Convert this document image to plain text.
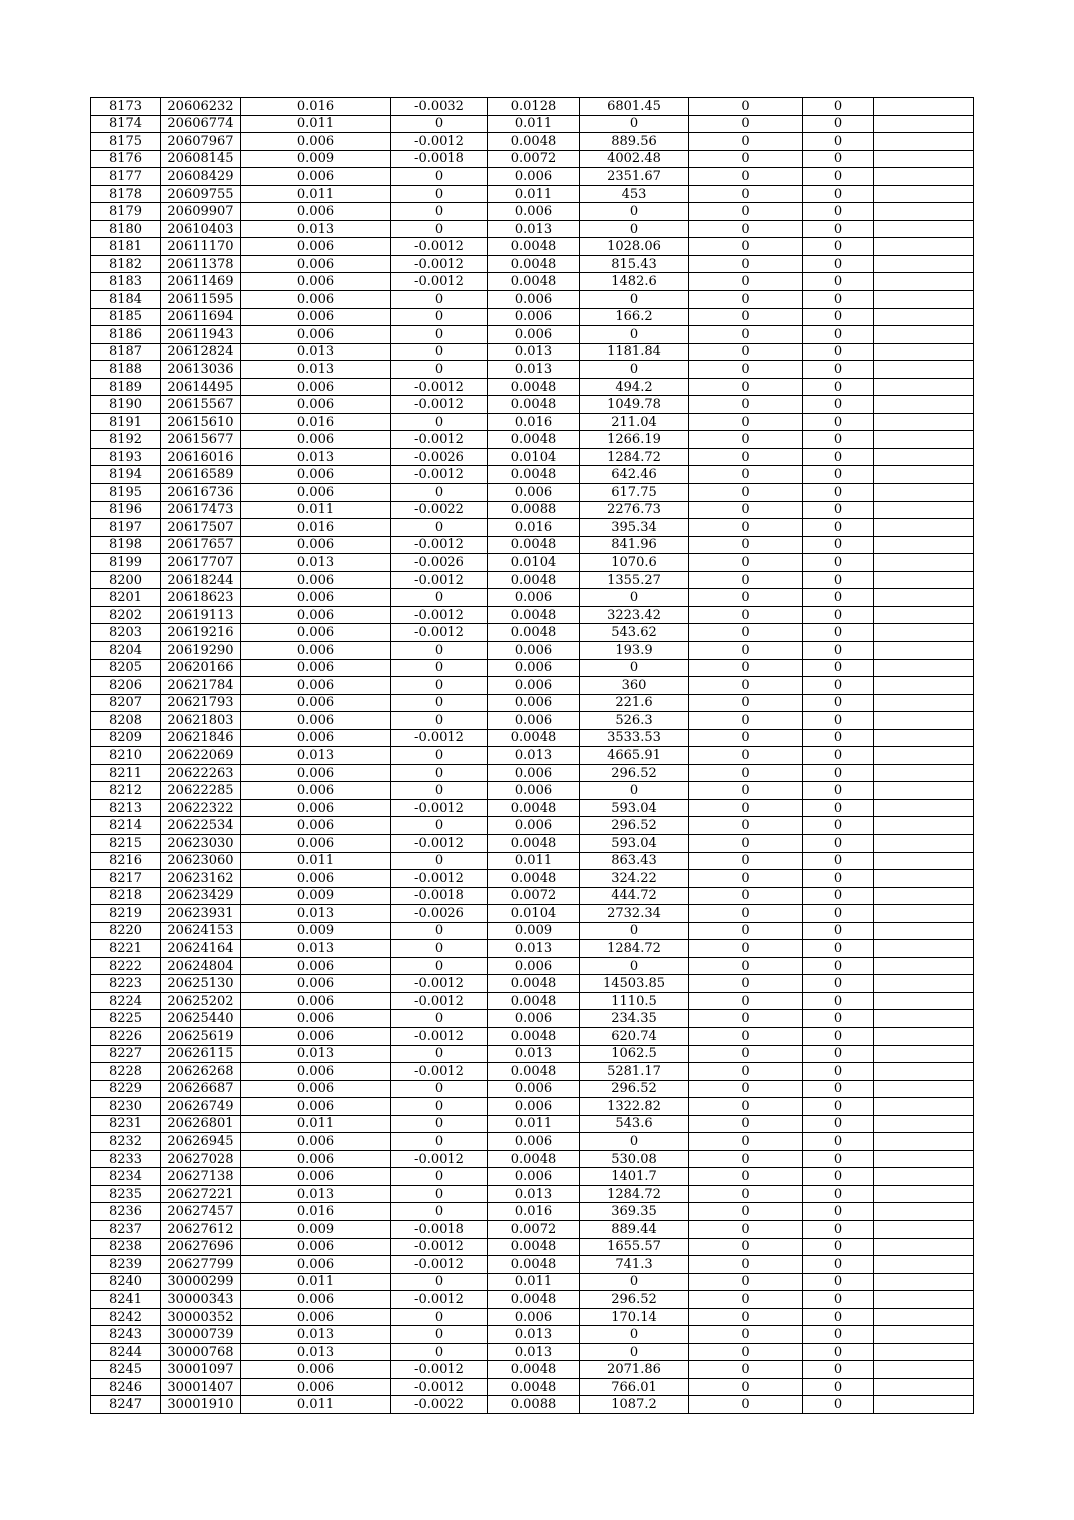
8173	20606232	0.016	-0.0032	0.0128	6801.45	0	0	
8174	20606774	0.011	0	0.011	0	0	0	
8175	20607967	0.006	-0.0012	0.0048	889.56	0	0	
8176	20608145	0.009	-0.0018	0.0072	4002.48	0	0	
8177	20608429	0.006	0	0.006	2351.67	0	0	
8178	20609755	0.011	0	0.011	453	0	0	
8179	20609907	0.006	0	0.006	0	0	0	
8180	20610403	0.013	0	0.013	0	0	0	
8181	20611170	0.006	-0.0012	0.0048	1028.06	0	0	
8182	20611378	0.006	-0.0012	0.0048	815.43	0	0	
8183	20611469	0.006	-0.0012	0.0048	1482.6	0	0	
8184	20611595	0.006	0	0.006	0	0	0	
8185	20611694	0.006	0	0.006	166.2	0	0	
8186	20611943	0.006	0	0.006	0	0	0	
8187	20612824	0.013	0	0.013	1181.84	0	0	
8188	20613036	0.013	0	0.013	0	0	0	
8189	20614495	0.006	-0.0012	0.0048	494.2	0	0	
8190	20615567	0.006	-0.0012	0.0048	1049.78	0	0	
8191	20615610	0.016	0	0.016	211.04	0	0	
8192	20615677	0.006	-0.0012	0.0048	1266.19	0	0	
8193	20616016	0.013	-0.0026	0.0104	1284.72	0	0	
8194	20616589	0.006	-0.0012	0.0048	642.46	0	0	
8195	20616736	0.006	0	0.006	617.75	0	0	
8196	20617473	0.011	-0.0022	0.0088	2276.73	0	0	
8197	20617507	0.016	0	0.016	395.34	0	0	
8198	20617657	0.006	-0.0012	0.0048	841.96	0	0	
8199	20617707	0.013	-0.0026	0.0104	1070.6	0	0	
8200	20618244	0.006	-0.0012	0.0048	1355.27	0	0	
8201	20618623	0.006	0	0.006	0	0	0	
8202	20619113	0.006	-0.0012	0.0048	3223.42	0	0	
8203	20619216	0.006	-0.0012	0.0048	543.62	0	0	
8204	20619290	0.006	0	0.006	193.9	0	0	
8205	20620166	0.006	0	0.006	0	0	0	
8206	20621784	0.006	0	0.006	360	0	0	
8207	20621793	0.006	0	0.006	221.6	0	0	
8208	20621803	0.006	0	0.006	526.3	0	0	
8209	20621846	0.006	-0.0012	0.0048	3533.53	0	0	
8210	20622069	0.013	0	0.013	4665.91	0	0	
8211	20622263	0.006	0	0.006	296.52	0	0	
8212	20622285	0.006	0	0.006	0	0	0	
8213	20622322	0.006	-0.0012	0.0048	593.04	0	0	
8214	20622534	0.006	0	0.006	296.52	0	0	
8215	20623030	0.006	-0.0012	0.0048	593.04	0	0	
8216	20623060	0.011	0	0.011	863.43	0	0	
8217	20623162	0.006	-0.0012	0.0048	324.22	0	0	
8218	20623429	0.009	-0.0018	0.0072	444.72	0	0	
8219	20623931	0.013	-0.0026	0.0104	2732.34	0	0	
8220	20624153	0.009	0	0.009	0	0	0	
8221	20624164	0.013	0	0.013	1284.72	0	0	
8222	20624804	0.006	0	0.006	0	0	0	
8223	20625130	0.006	-0.0012	0.0048	14503.85	0	0	
8224	20625202	0.006	-0.0012	0.0048	1110.5	0	0	
8225	20625440	0.006	0	0.006	234.35	0	0	
8226	20625619	0.006	-0.0012	0.0048	620.74	0	0	
8227	20626115	0.013	0	0.013	1062.5	0	0	
8228	20626268	0.006	-0.0012	0.0048	5281.17	0	0	
8229	20626687	0.006	0	0.006	296.52	0	0	
8230	20626749	0.006	0	0.006	1322.82	0	0	
8231	20626801	0.011	0	0.011	543.6	0	0	
8232	20626945	0.006	0	0.006	0	0	0	
8233	20627028	0.006	-0.0012	0.0048	530.08	0	0	
8234	20627138	0.006	0	0.006	1401.7	0	0	
8235	20627221	0.013	0	0.013	1284.72	0	0	
8236	20627457	0.016	0	0.016	369.35	0	0	
8237	20627612	0.009	-0.0018	0.0072	889.44	0	0	
8238	20627696	0.006	-0.0012	0.0048	1655.57	0	0	
8239	20627799	0.006	-0.0012	0.0048	741.3	0	0	
8240	30000299	0.011	0	0.011	0	0	0	
8241	30000343	0.006	-0.0012	0.0048	296.52	0	0	
8242	30000352	0.006	0	0.006	170.14	0	0	
8243	30000739	0.013	0	0.013	0	0	0	
8244	30000768	0.013	0	0.013	0	0	0	
8245	30001097	0.006	-0.0012	0.0048	2071.86	0	0	
8246	30001407	0.006	-0.0012	0.0048	766.01	0	0	
8247	30001910	0.011	-0.0022	0.0088	1087.2	0	0	
